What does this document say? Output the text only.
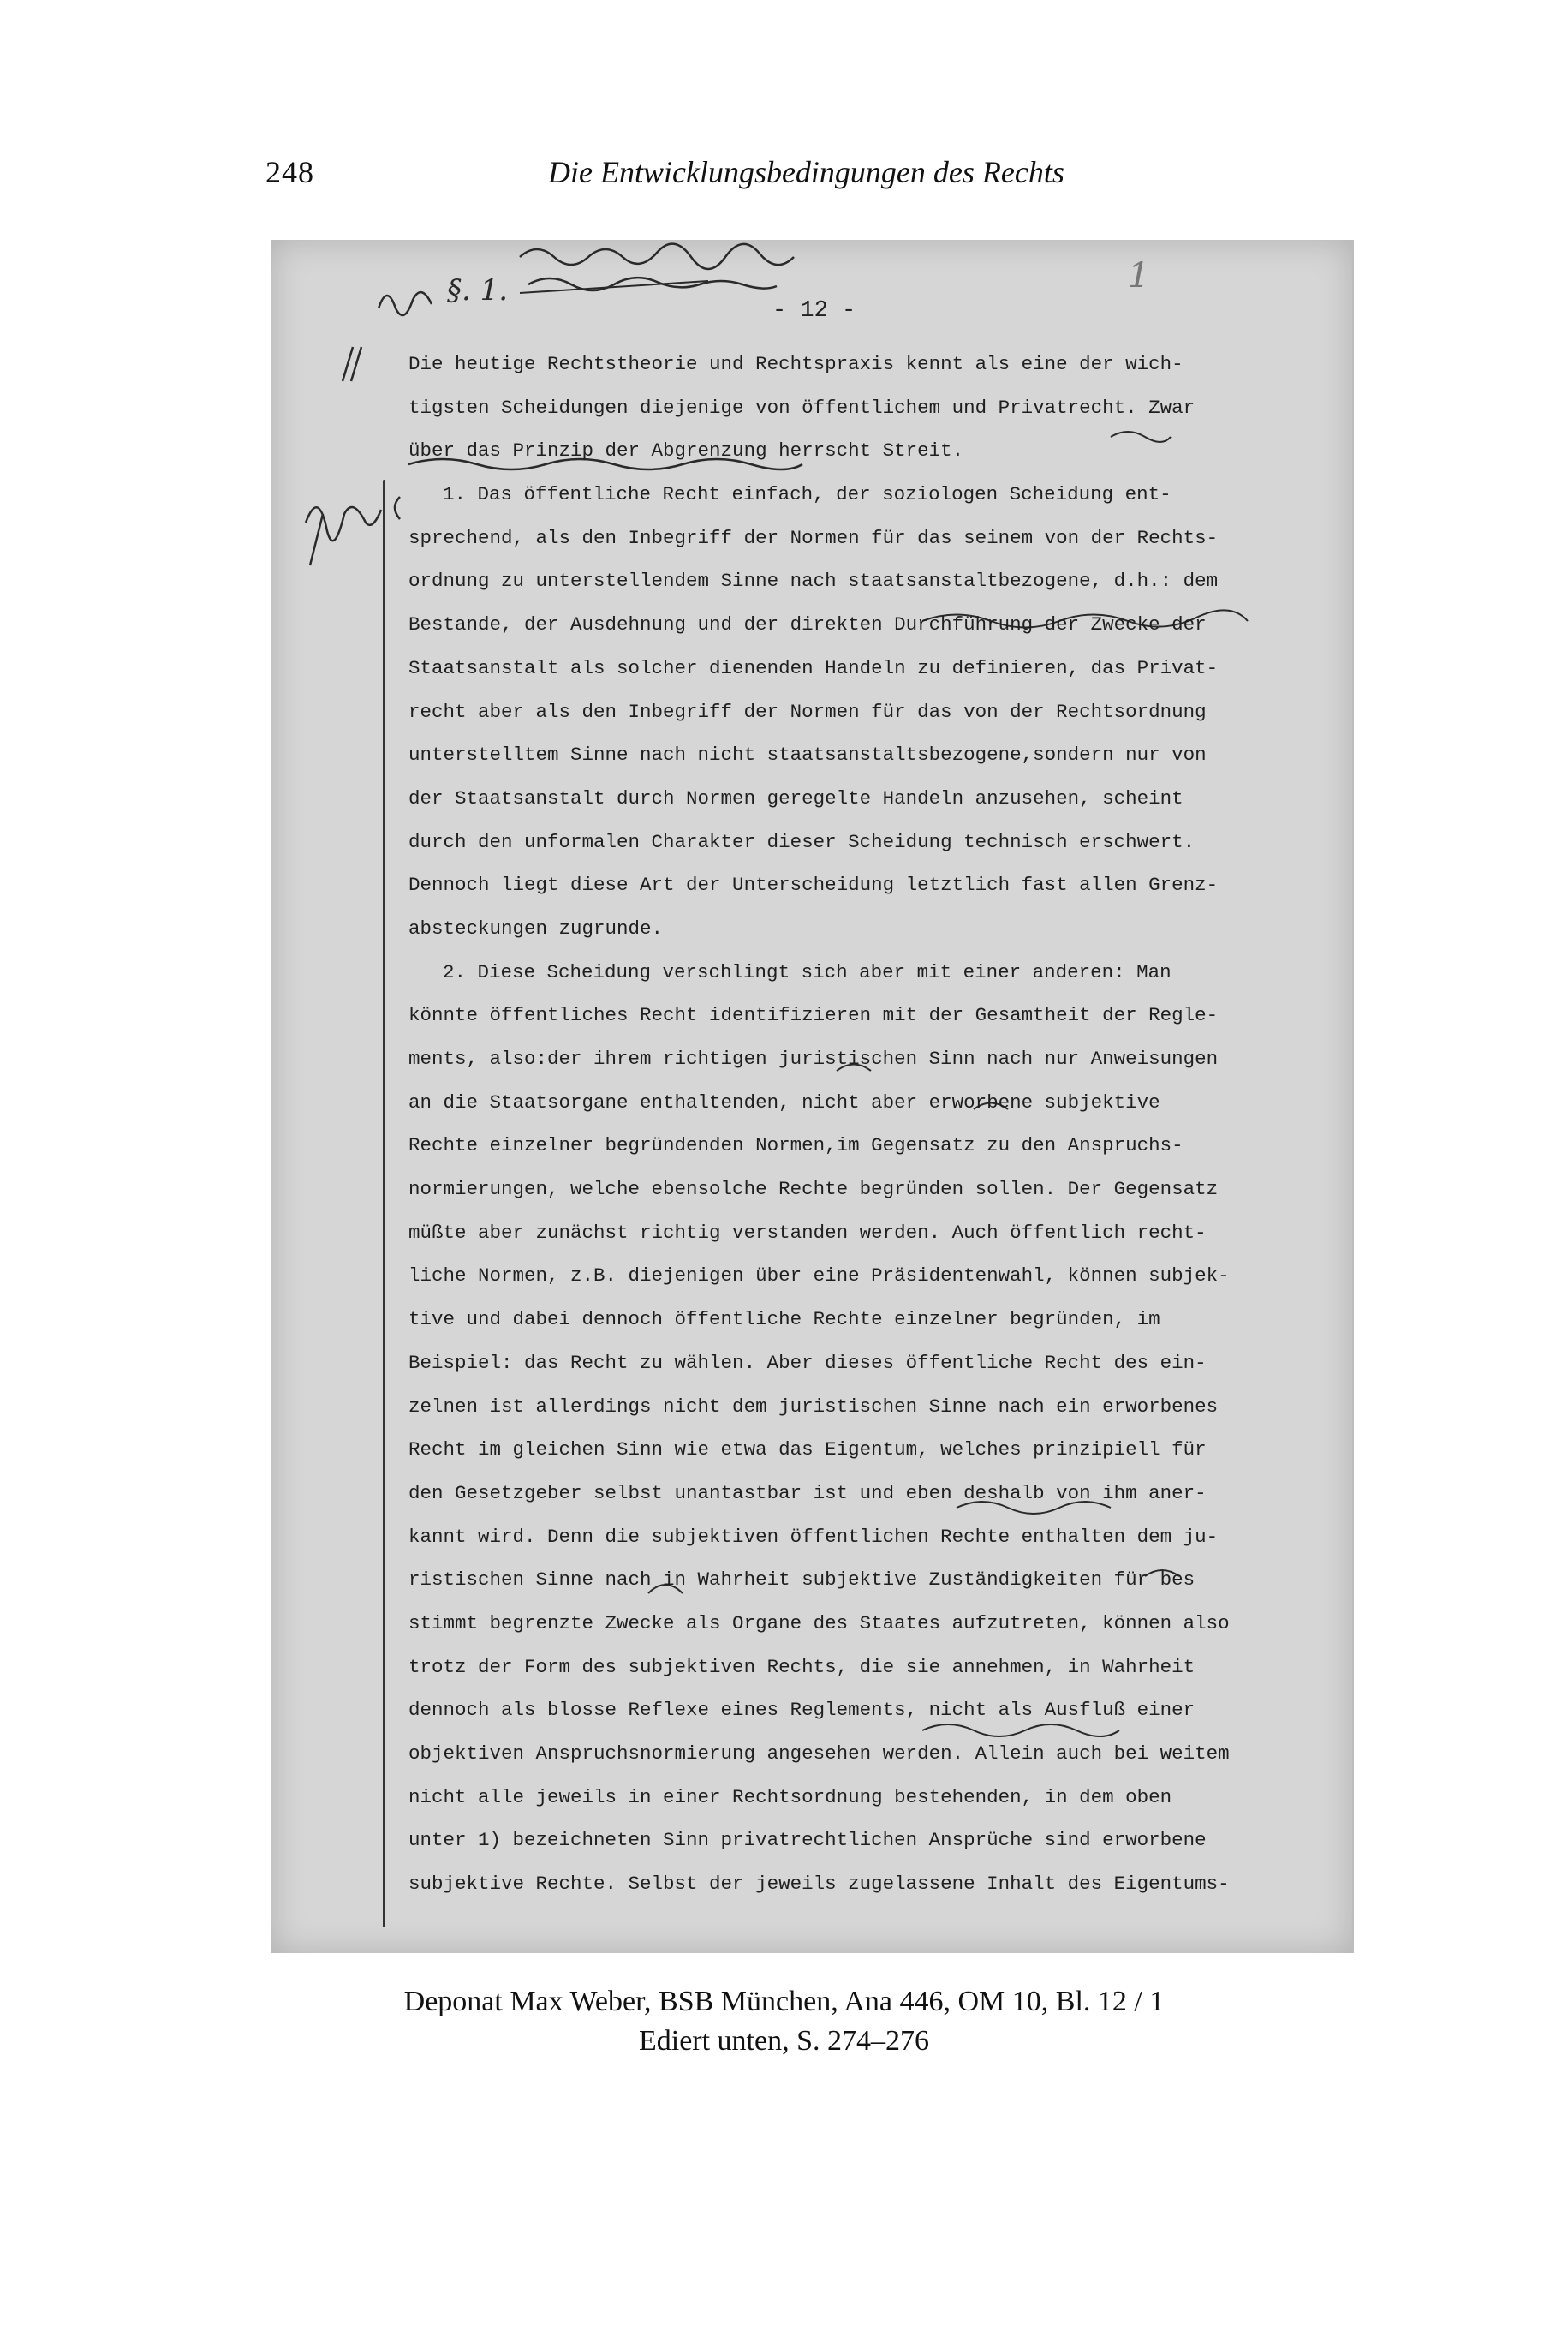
248	Die Entwicklungsbedingungen des Rechts
§. 1.	1
- 12 -
Die heutige Rechtstheorie und Rechtspraxis kennt als eine der wich-
tigsten Scheidungen diejenige von öffentlichem und Privatrecht. Zwar
über das Prinzip der Abgrenzung herrscht Streit.
1. Das öffentliche Recht einfach, der soziologen Scheidung ent-
sprechend, als den Inbegriff der Normen für das seinem von der Rechts-
ordnung zu unterstellendem Sinne nach staatsanstaltbezogene, d.h.: dem
Bestande, der Ausdehnung und der direkten Durchführung der Zwecke der
Staatsanstalt als solcher dienenden Handeln zu definieren, das Privat-
recht aber als den Inbegriff der Normen für das von der Rechtsordnung
unterstelltem Sinne nach nicht staatsanstaltsbezogene,sondern nur von
der Staatsanstalt durch Normen geregelte Handeln anzusehen, scheint
durch den unformalen Charakter dieser Scheidung technisch erschwert.
Dennoch liegt diese Art der Unterscheidung letztlich fast allen Grenz-
absteckungen zugrunde.
2. Diese Scheidung verschlingt sich aber mit einer anderen: Man
könnte öffentliches Recht identifizieren mit der Gesamtheit der Regle-
ments, also:der ihrem richtigen juristischen Sinn nach nur Anweisungen
an die Staatsorgane enthaltenden, nicht aber erworbene subjektive
Rechte einzelner begründenden Normen,im Gegensatz zu den Anspruchs-
normierungen, welche ebensolche Rechte begründen sollen. Der Gegensatz
müßte aber zunächst richtig verstanden werden. Auch öffentlich recht-
liche Normen, z.B. diejenigen über eine Präsidentenwahl, können subjek-
tive und dabei dennoch öffentliche Rechte einzelner begründen, im
Beispiel: das Recht zu wählen. Aber dieses öffentliche Recht des ein-
zelnen ist allerdings nicht dem juristischen Sinne nach ein erworbenes
Recht im gleichen Sinn wie etwa das Eigentum, welches prinzipiell für
den Gesetzgeber selbst unantastbar ist und eben deshalb von ihm aner-
kannt wird. Denn die subjektiven öffentlichen Rechte enthalten dem ju-
ristischen Sinne nach in Wahrheit subjektive Zuständigkeiten für bes
stimmt begrenzte Zwecke als Organe des Staates aufzutreten, können also
trotz der Form des subjektiven Rechts, die sie annehmen, in Wahrheit
dennoch als blosse Reflexe eines Reglements, nicht als Ausfluß einer
objektiven Anspruchsnormierung angesehen werden. Allein auch bei weitem
nicht alle jeweils in einer Rechtsordnung bestehenden, in dem oben
unter 1) bezeichneten Sinn privatrechtlichen Ansprüche sind erworbene
subjektive Rechte. Selbst der jeweils zugelassene Inhalt des Eigentums-
Deponat Max Weber, BSB München, Ana 446, OM 10, Bl. 12 / 1
Ediert unten, S. 274–276
